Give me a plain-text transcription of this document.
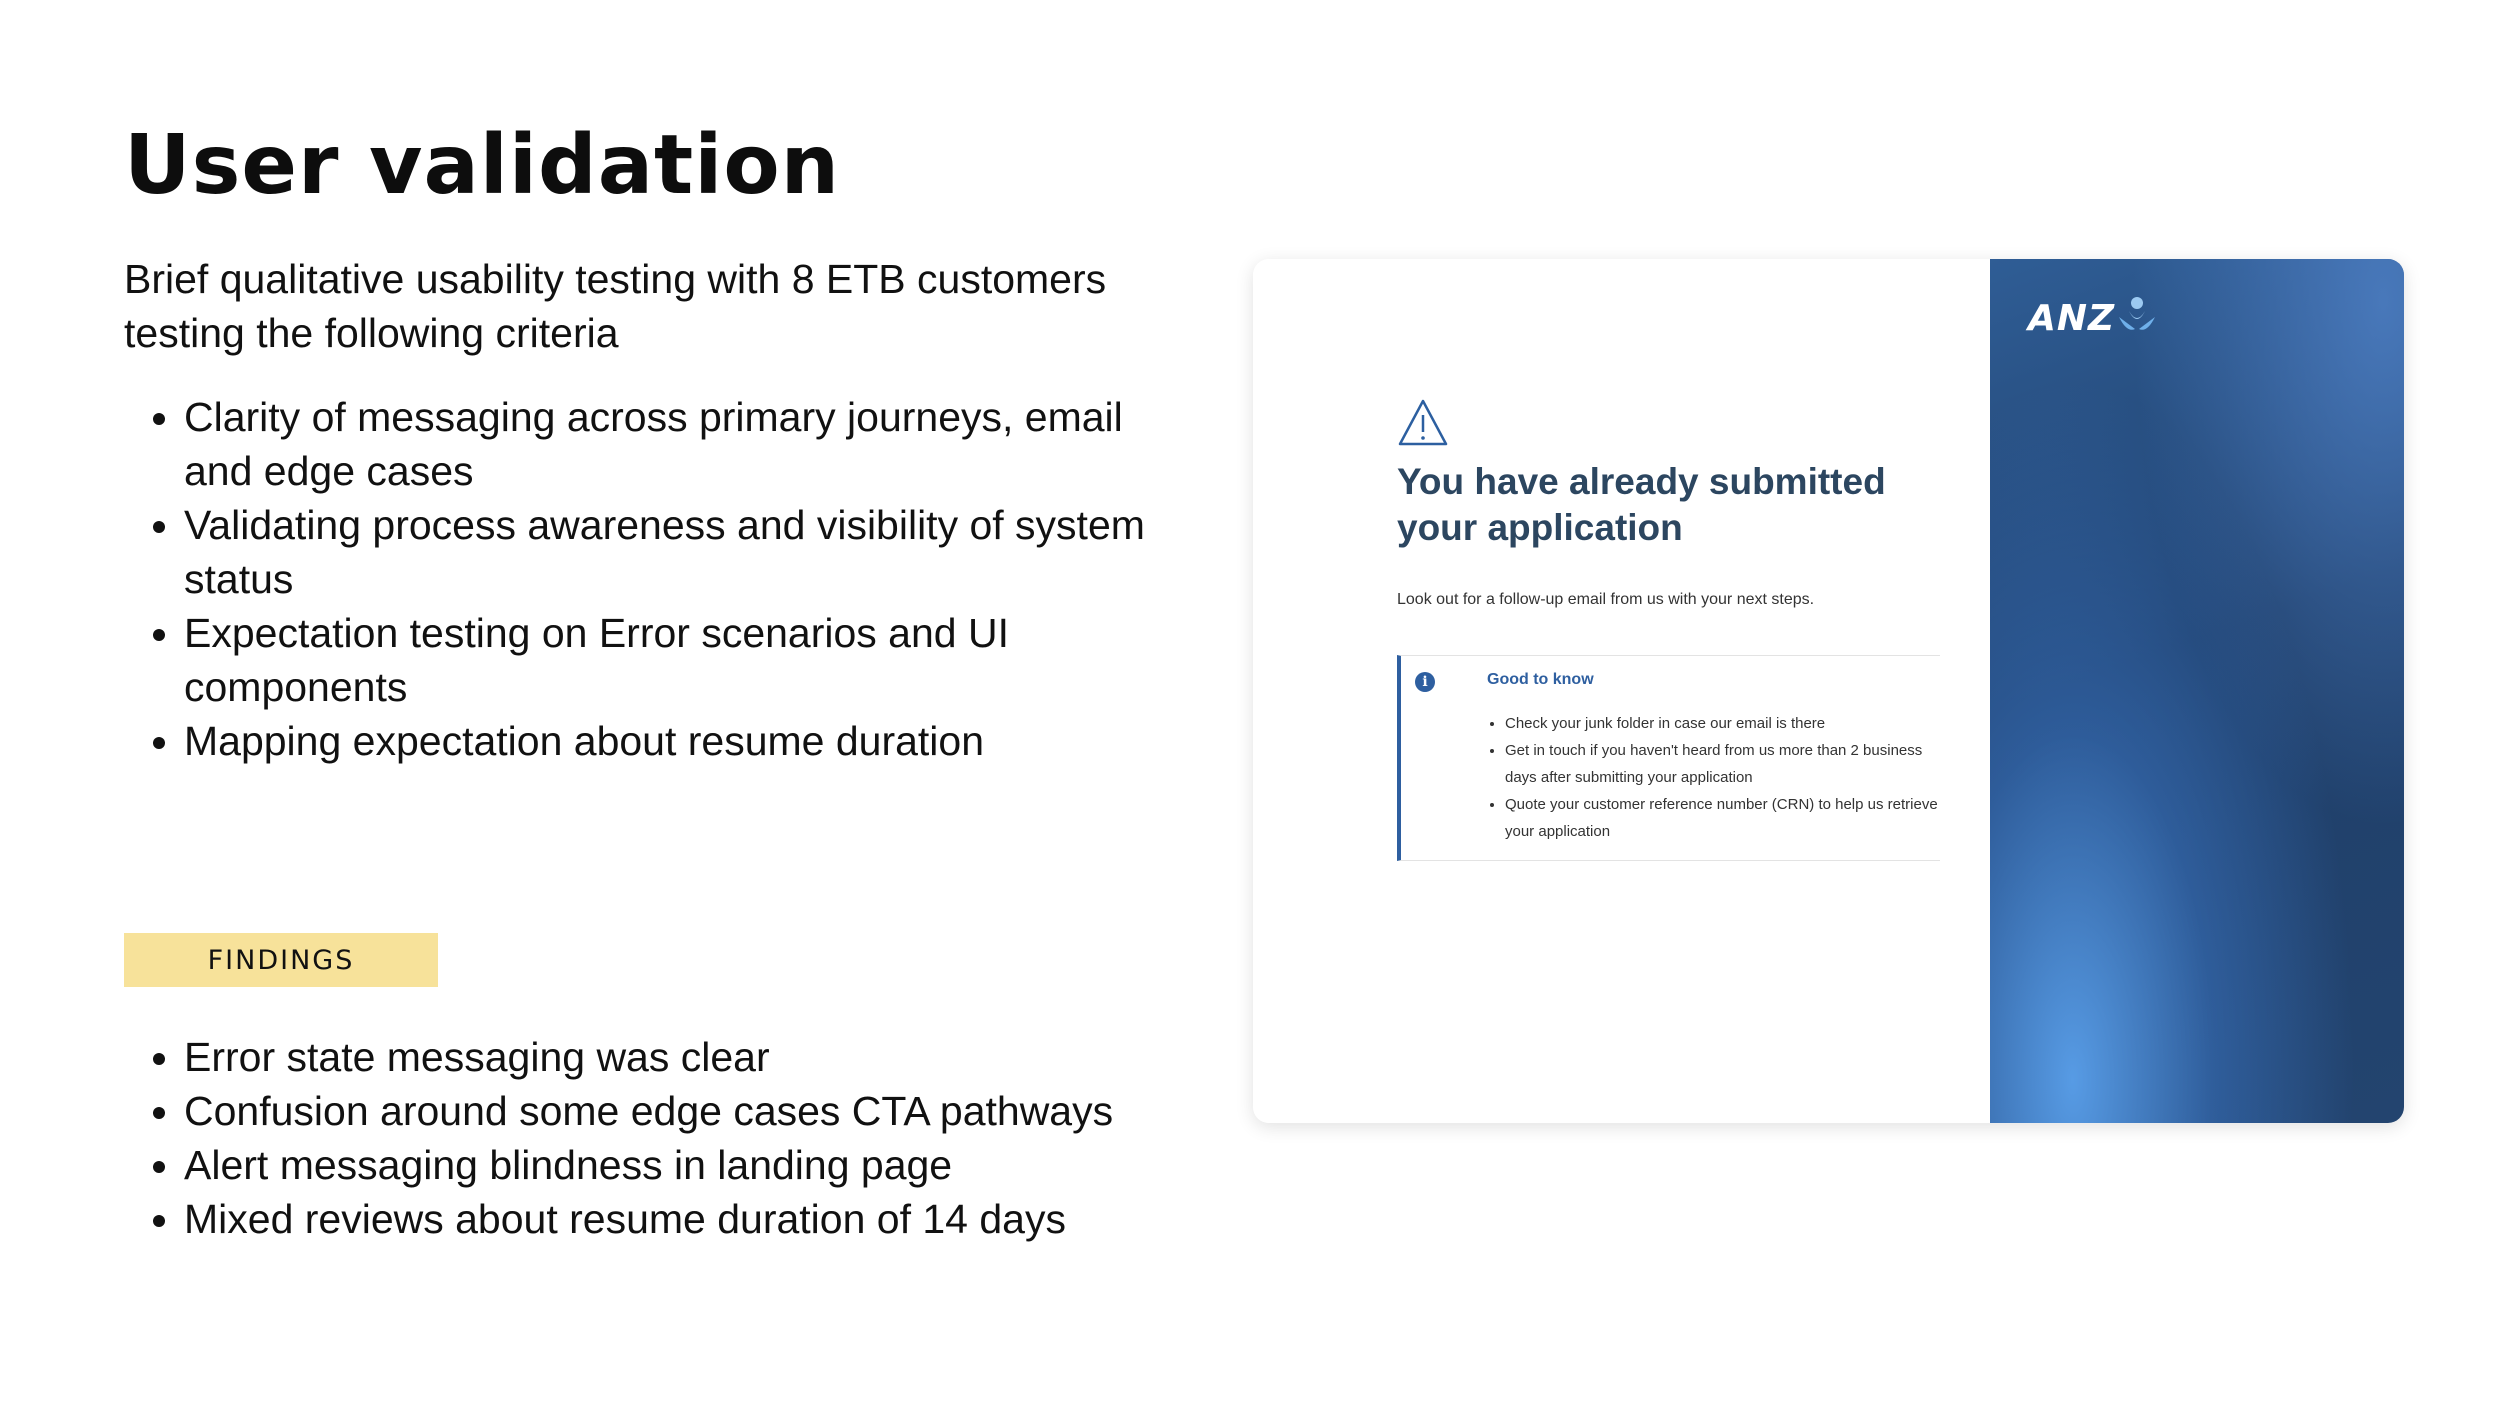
User validation

Brief qualitative usability testing with 8 ETB customers testing the following criteria

• Clarity of messaging across primary journeys, email and edge cases
• Validating process awareness and visibility of system status
• Expectation testing on Error scenarios and UI components
• Mapping expectation about resume duration
FINDINGS
• Error state messaging was clear
• Confusion around some edge cases CTA pathways
• Alert messaging blindness in landing page
• Mixed reviews about resume duration of 14 days
You have already submitted your application

Look out for a follow-up email from us with your next steps.

i	Good to know
• Check your junk folder in case our email is there
• Get in touch if you haven't heard from us more than 2 business days after submitting your application
• Quote your customer reference number (CRN) to help us retrieve your application
ANZ
